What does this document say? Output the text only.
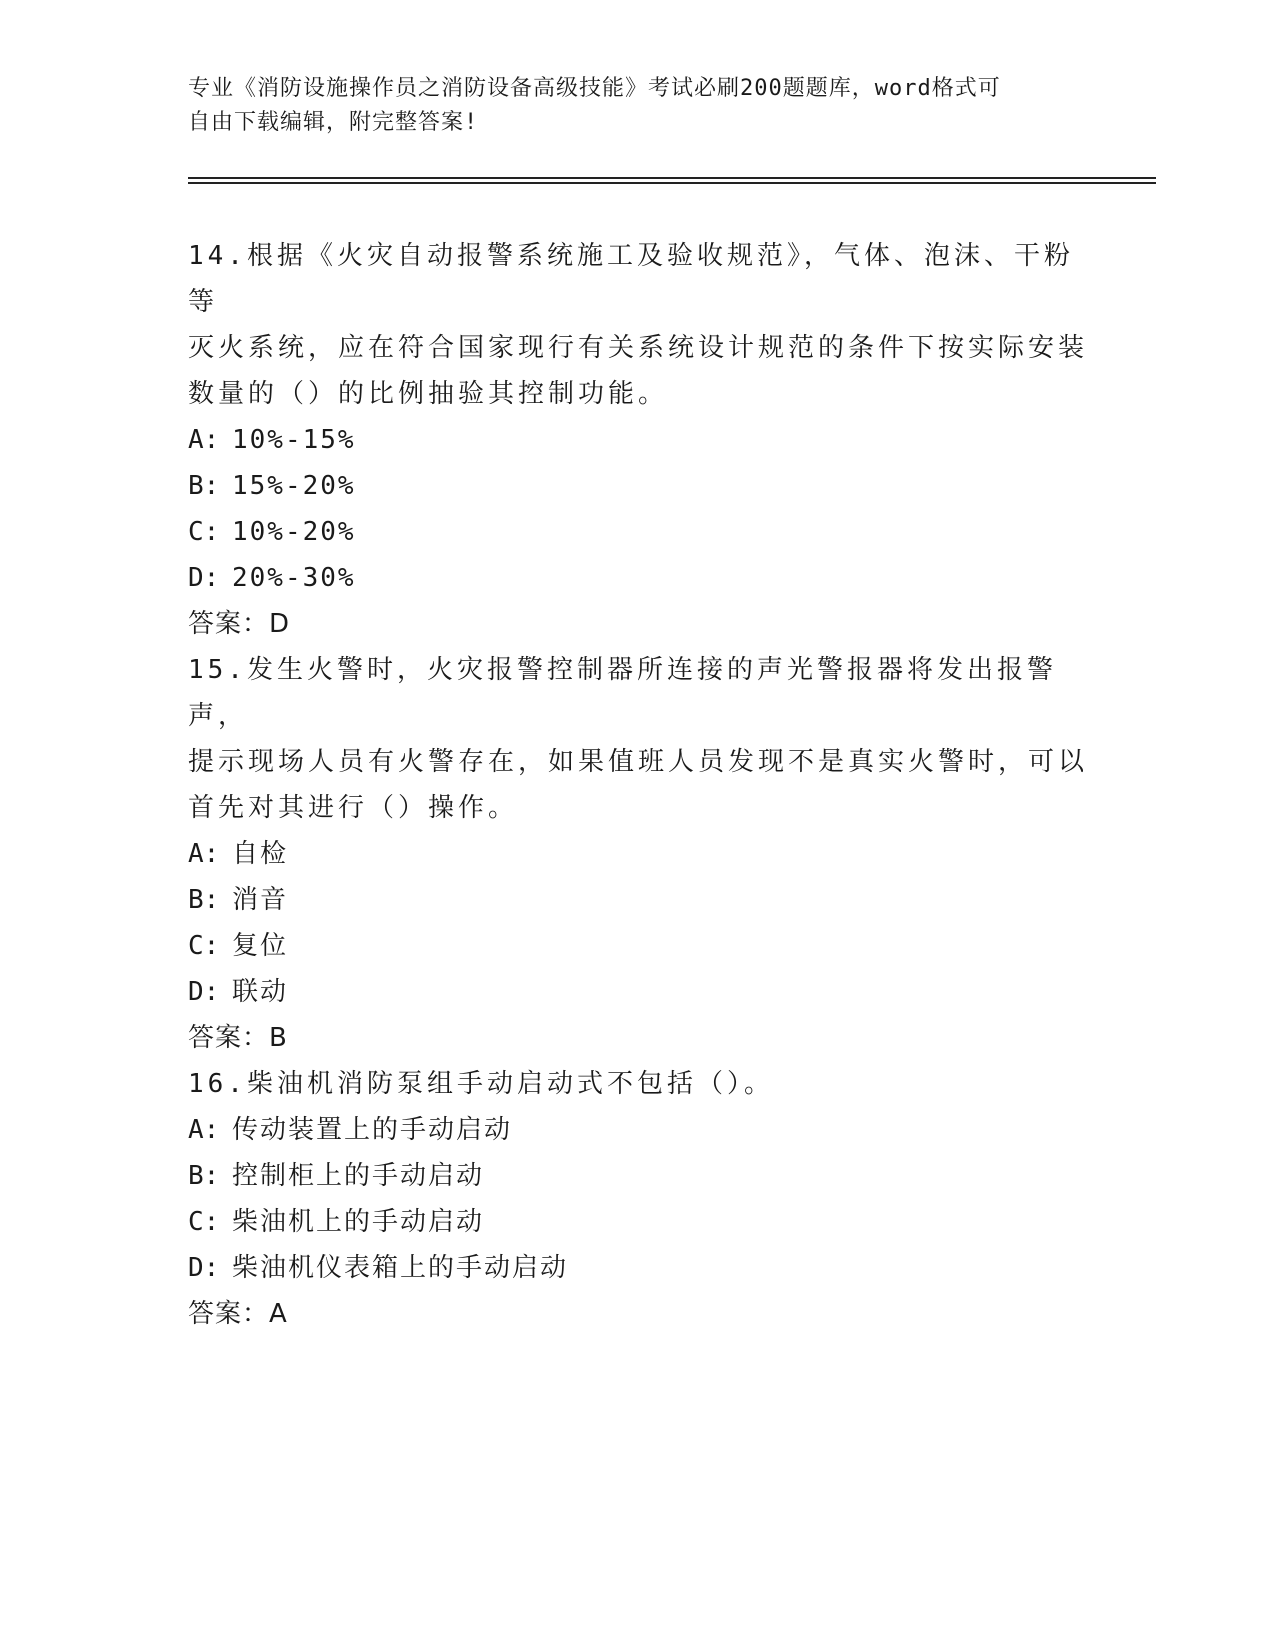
专业《消防设施操作员之消防设备高级技能》考试必刷200题题库，word格式可
自由下载编辑，附完整答案!

14.根据《火灾自动报警系统施工及验收规范》，气体、泡沫、干粉等

灭火系统，应在符合国家现行有关系统设计规范的条件下按实际安装

数量的（）的比例抽验其控制功能。

A: 10%-15%

B: 15%-20%

C: 10%-20%

D: 20%-30%

答案：D

15.发生火警时，火灾报警控制器所连接的声光警报器将发出报警声，

提示现场人员有火警存在，如果值班人员发现不是真实火警时，可以

首先对其进行（）操作。

A: 自检

B: 消音

C: 复位

D: 联动

答案：B

16.柴油机消防泵组手动启动式不包括（）。

A: 传动装置上的手动启动

B: 控制柜上的手动启动

C: 柴油机上的手动启动

D: 柴油机仪表箱上的手动启动

答案：A
